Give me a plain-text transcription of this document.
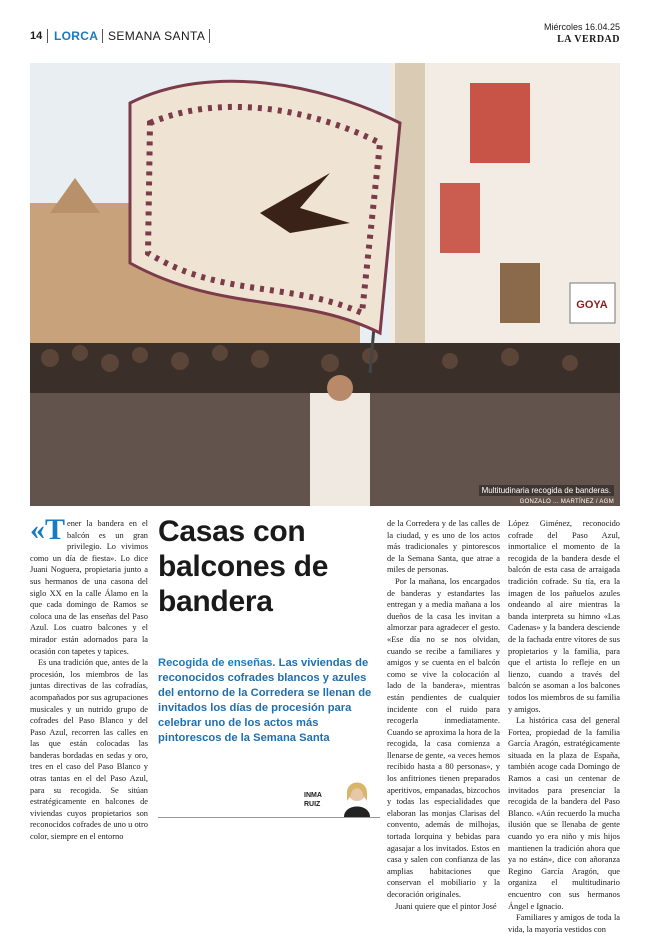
14 LORCA SEMANA SANTA
Miércoles 16.04.25
LA VERDAD
GOYA
Multitudinaria recogida de banderas.
GONZALO ... MARTÍNEZ / AGM
«T ener la bandera en el balcón es un gran privilegio. Lo vivimos como un día de fiesta». Lo dice Juani Noguera, propietaria junto a sus hermanos de una casona del siglo XX en la calle Álamo en la que cada domingo de Ramos se coloca una de las enseñas del Paso Azul. Los cuatro balcones y el mirador están adornados para la ocasión con tapetes y tapices.

Es una tradición que, antes de la procesión, los miembros de las juntas directivas de las cofradías, acompañados por sus agrupaciones musicales y un nutrido grupo de cofrades del Paso Blanco y del Paso Azul, recorren las calles en las que están colocadas las banderas bordadas en sedas y oro, tres en el caso del Paso Blanco y otras tantas en el del Paso Azul, para su recogida. Se sitúan estratégicamente en balcones de viviendas cuyos propietarios son reconocidos cofrades de uno u otro color, siempre en el entorno

Casas con
balcones de
bandera
Recogida de enseñas. Las viviendas de reconocidos cofrades blancos y azules del entorno de la Corredera se llenan de invitados los días de procesión para celebrar uno de los actos más pintorescos de la Semana Santa
INMA
RUIZ

de la Corredera y de las calles de la ciudad, y es uno de los actos más tradicionales y pintorescos de la Semana Santa, que atrae a miles de personas.

Por la mañana, los encargados de banderas y estandartes las entregan y a media mañana a los dueños de la casa les invitan a almorzar para agradecer el gesto. «Ese día no se nos olvidan, cuando se recibe a familiares y amigos y se cuenta en el balcón como se vive la colocación al lado de la bandera», mientras están pendientes de cualquier incidente con el ruido para recogerla inmediatamente. Cuando se aproxima la hora de la recogida, la casa comienza a llenarse de gente, «a veces hemos recibido hasta a 80 personas», y los anfitriones tienen preparados aperitivos, empanadas, bizcochos y todas las especialidades que elaboran las monjas Clarisas del convento, además de milhojas, tortada lorquina y bebidas para agasajar a los invitados. Estos en casa y salen con confianza de las amplias habitaciones que conservan el mobiliario y la decoración originales.

Juani quiere que el pintor José

López Giménez, reconocido cofrade del Paso Azul, inmortalice el momento de la recogida de la bandera desde el balcón de esta casa de arraigada tradición cofrade. Su tía, era la imagen de los pañuelos azules ondeando al aire mientras la banda interpreta su himno «Las Cadenas» y la bandera desciende de la fachada entre vítores de sus propietarios y la familia, para que el artista lo refleje en un lienzo, cuando a través del balcón se asoman a los balcones todos los miembros de su familia y amigos.

La histórica casa del general Fortea, propiedad de la familia García Aragón, estratégicamente situada en la plaza de España, también acoge cada Domingo de Ramos a casi un centenar de invitados para presenciar la recogida de la bandera del Paso Blanco. «Aún recuerdo la mucha ilusión que se llenaba de gente cuando yo era niño y mis hijos mantienen la tradición ahora que ya no están», dice con añoranza Regino García Aragón, que organiza el multitudinario encuentro con sus hermanos Ángel e Ignacio.

Familiares y amigos de toda la vida, la mayoría vestidos con
